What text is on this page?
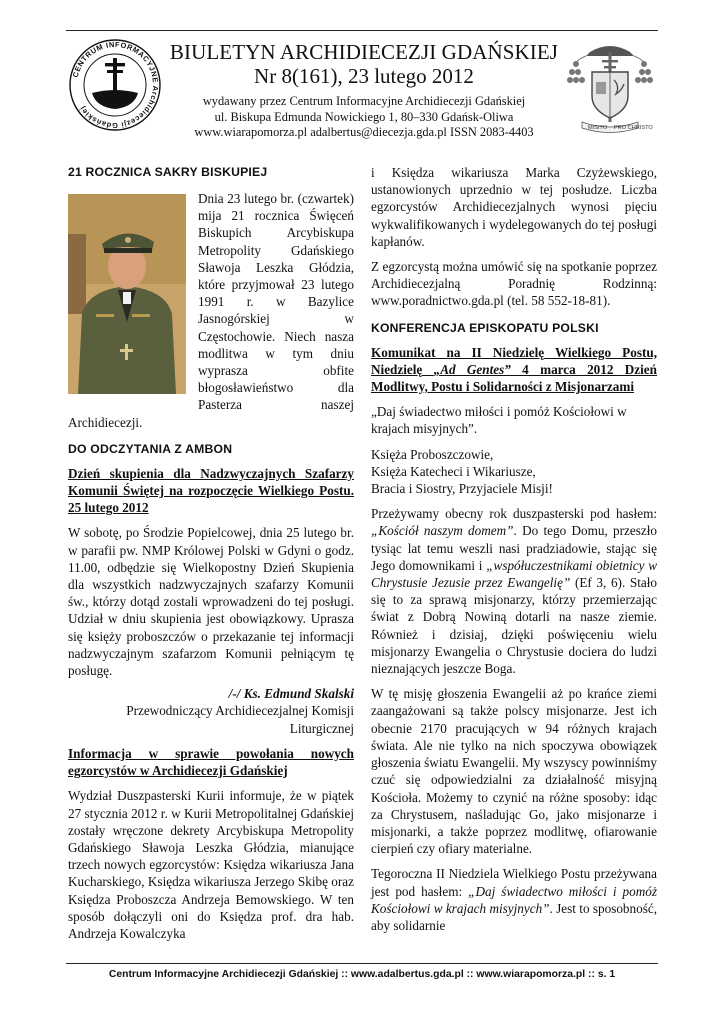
CENTRUM INFORMACYJNE Archidiecezji Gdańskiej
BIULETYN ARCHIDIECEZJI GDAŃSKIEJ
Nr 8(161), 23 lutego 2012
wydawany przez Centrum Informacyjne Archidiecezji Gdańskiej
ul. Biskupa Edmunda Nowickiego 1, 80–330 Gdańsk-Oliwa
www.wiarapomorza.pl adalbertus@diecezja.gda.pl ISSN 2083-4403	MISITO PRO CHRISTO
21 ROCZNICA SAKRY BISKUPIEJ

Dnia 23 lutego br. (czwartek) mija 21 rocznica Święceń Biskupich Arcybiskupa Metropolity Gdańskiego Sławoja Leszka Głódzia, które przyjmował 23 lutego 1991 r. w Bazylice Jasnogórskiej w Częstochowie. Niech nasza modlitwa w tym dniu wyprasza obfite błogosławieństwo dla Pasterza naszej Archidiecezji.

DO ODCZYTANIA Z AMBON
Dzień skupienia dla Nadzwyczajnych Szafarzy Komunii Świętej na rozpoczęcie Wielkiego Postu. 25 lutego 2012

W sobotę, po Środzie Popielcowej, dnia 25 lutego br. w parafii pw. NMP Królowej Polski w Gdyni o godz. 11.00, odbędzie się Wielkopostny Dzień Skupienia dla wszystkich nadzwyczajnych szafarzy Komunii św., którzy dotąd zostali wprowadzeni do tej posługi. Udział w dniu skupienia jest obowiązkowy. Uprasza się księży proboszczów o przekazanie tej informacji nadzwyczajnym szafarzom Komunii pełniącym tę posługę.

/-/ Ks. Edmund Skalski
Przewodniczący Archidiecezjalnej Komisji
Liturgicznej
Informacja w sprawie powołania nowych egzorcystów w Archidiecezji Gdańskiej

Wydział Duszpasterski Kurii informuje, że w piątek 27 stycznia 2012 r. w Kurii Metropolitalnej Gdańskiej zostały wręczone dekrety Arcybiskupa Metropolity Gdańskiego Sławoja Leszka Głódzia, mianujące trzech nowych egzorcystów: Księdza wikariusza Jana Kucharskiego, Księdza wikariusza Jerzego Skibę oraz Księdza Proboszcza Andrzeja Bemowskiego. W ten sposób dołączyli oni do Księdza prof. dra hab. Andrzeja Kowalczyka

i Księdza wikariusza Marka Czyżewskiego, ustanowionych uprzednio w tej posłudze. Liczba egzorcystów Archidiecezjalnych wynosi pięciu wykwalifikowanych i wydelegowanych do tej posługi kapłanów.

Z egzorcystą można umówić się na spotkanie poprzez Archidiecezjalną Poradnię Rodzinną: www.poradnictwo.gda.pl (tel. 58 552-18-81).

KONFERENCJA EPISKOPATU POLSKI
Komunikat na II Niedzielę Wielkiego Postu, Niedzielę „Ad Gentes” 4 marca 2012 Dzień Modlitwy, Postu i Solidarności z Misjonarzami

„Daj świadectwo miłości i pomóż Kościołowi w krajach misyjnych”.

Księża Proboszczowie,
Księża Katecheci i Wikariusze,
Bracia i Siostry, Przyjaciele Misji!

Przeżywamy obecny rok duszpasterski pod hasłem: „Kościół naszym domem”. Do tego Domu, przeszło tysiąc lat temu weszli nasi pradziadowie, stając się Jego domownikami i „współuczestnikami obietnicy w Chrystusie Jezusie przez Ewangelię” (Ef 3, 6). Stało się to za sprawą misjonarzy, którzy przemierzając świat z Dobrą Nowiną dotarli na nasze ziemie. Również i dzisiaj, dzięki poświęceniu wielu misjonarzy Ewangelia o Chrystusie dociera do ludzi nieznających jeszcze Boga.

W tę misję głoszenia Ewangelii aż po krańce ziemi zaangażowani są także polscy misjonarze. Jest ich obecnie 2170 pracujących w 94 różnych krajach świata. Ale nie tylko na nich spoczywa obowiązek głoszenia światu Ewangelii. My wszyscy powinniśmy czuć się odpowiedzialni za działalność misyjną Kościoła. Możemy to czynić na różne sposoby: idąc za Chrystusem, naśladując Go, jako misjonarze i misjonarki, a także poprzez modlitwę, ofiarowanie cierpień czy ofiary materialne.

Tegoroczna II Niedziela Wielkiego Postu przeżywana jest pod hasłem: „Daj świadectwo miłości i pomóż Kościołowi w krajach misyjnych”. Jest to sposobność, aby solidarnie

Centrum Informacyjne Archidiecezji Gdańskiej :: www.adalbertus.gda.pl :: www.wiarapomorza.pl :: s. 1
